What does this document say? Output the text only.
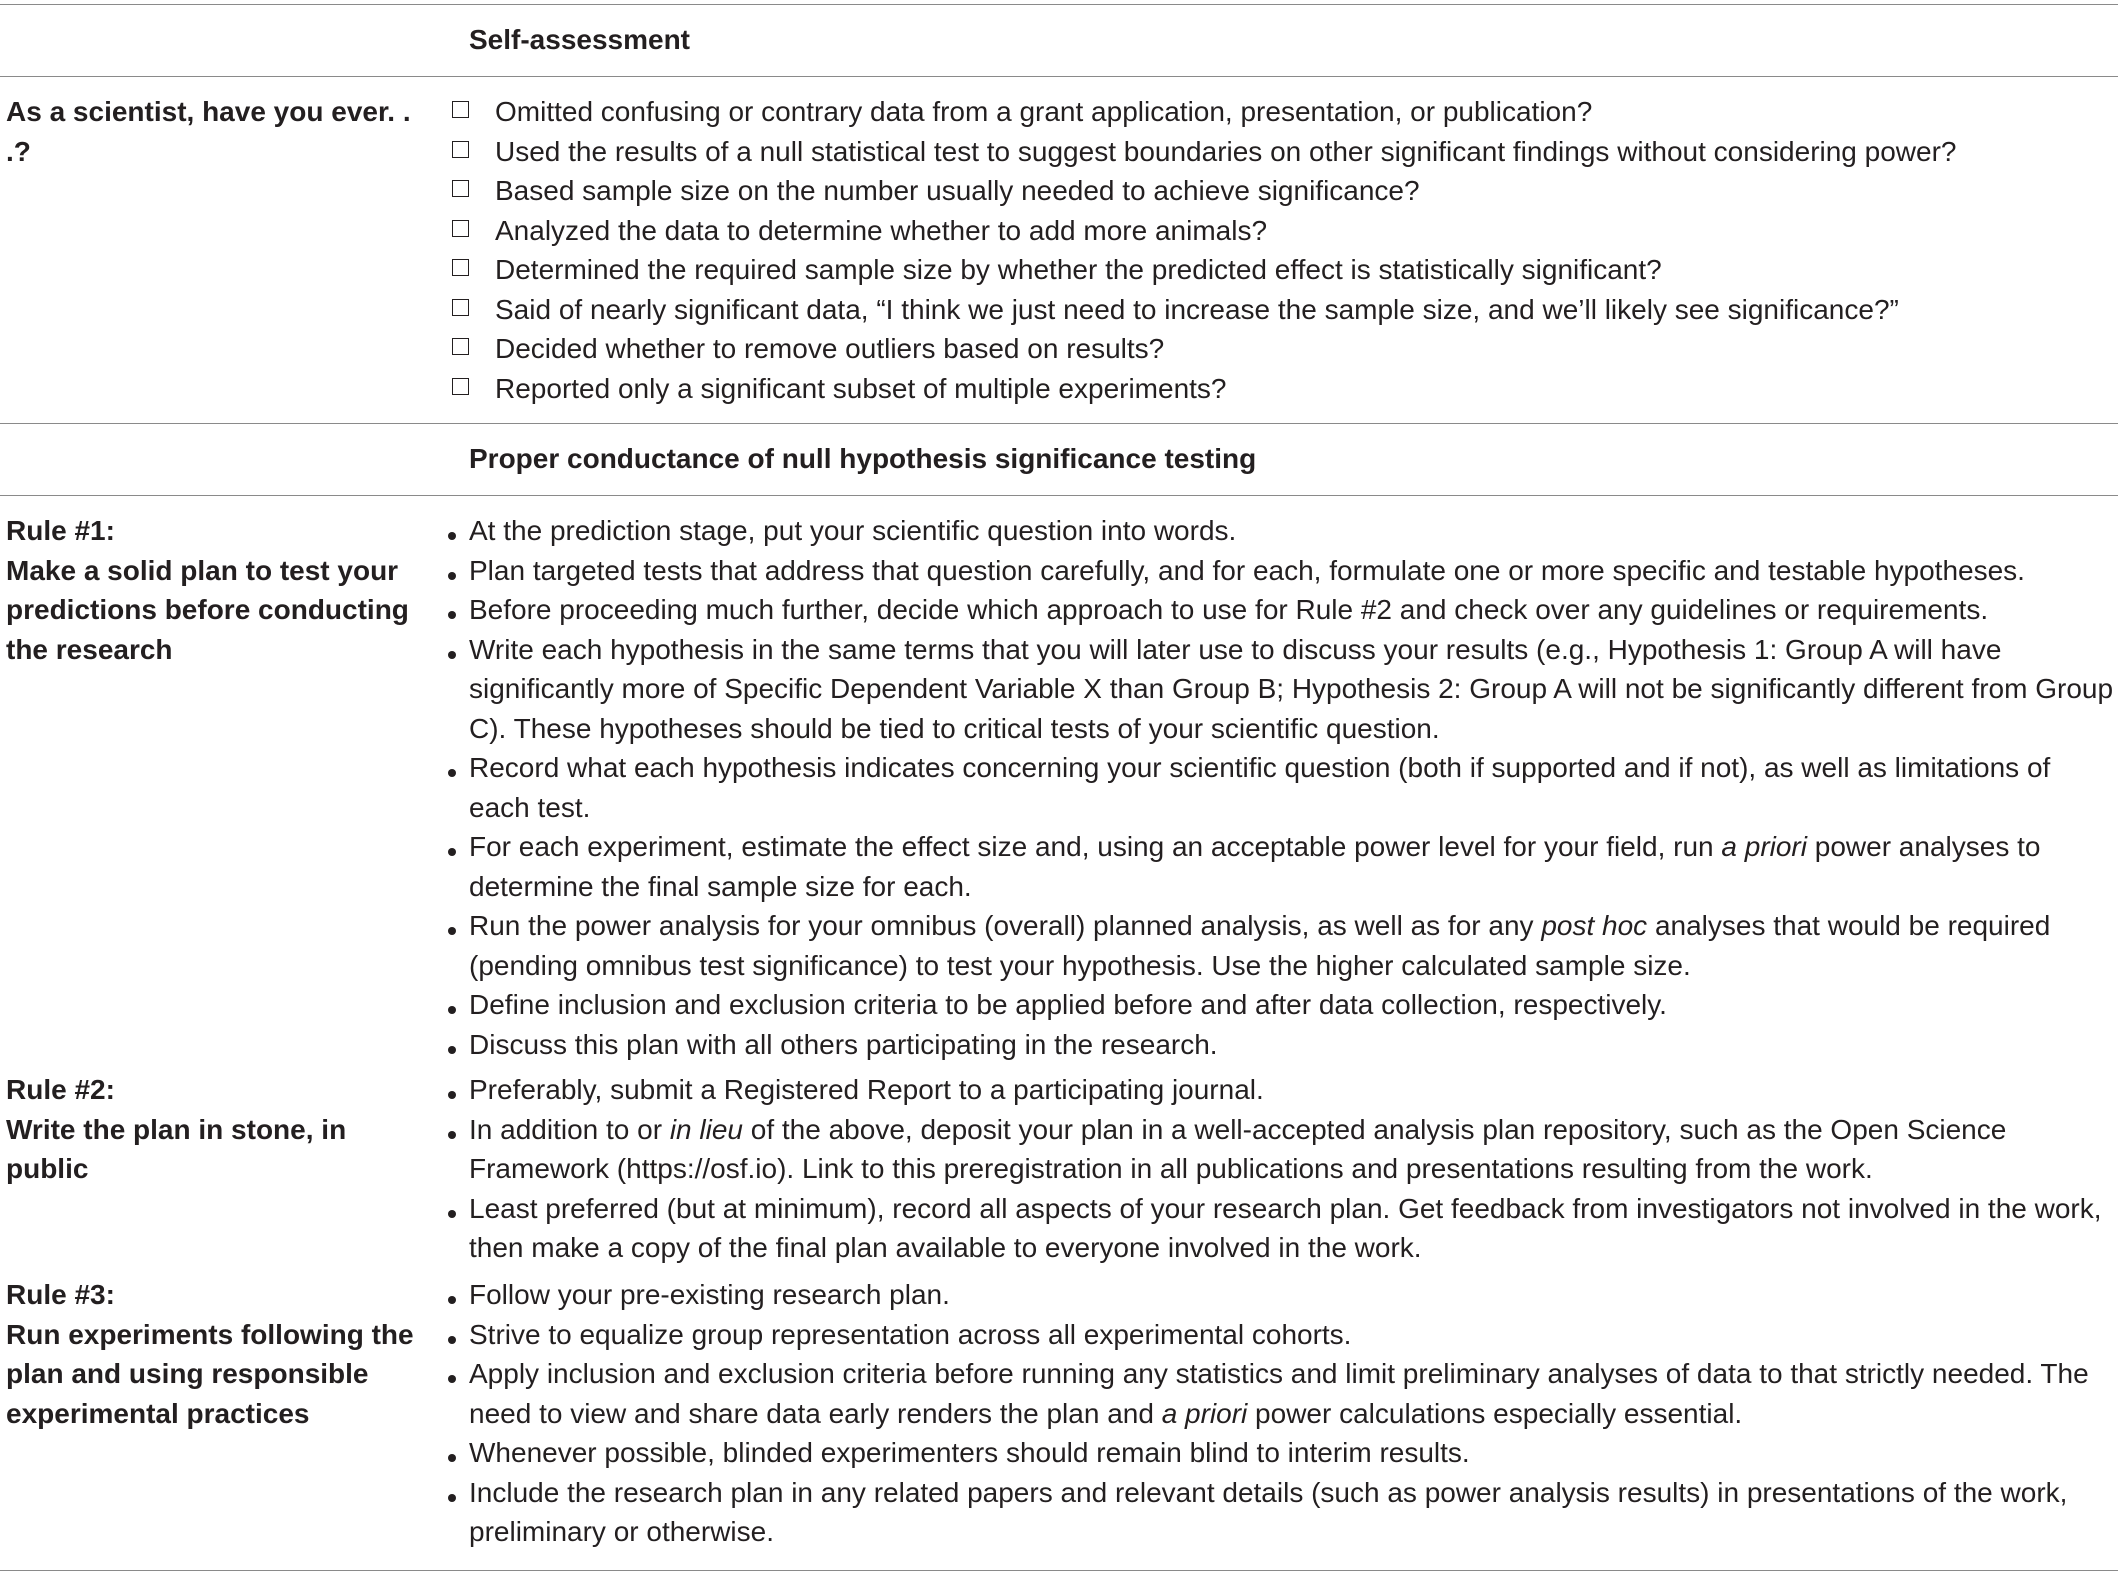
Self-assessment
As a scientist, have you ever. . .?
Omitted confusing or contrary data from a grant application, presentation, or publication?
Used the results of a null statistical test to suggest boundaries on other significant findings without considering power?
Based sample size on the number usually needed to achieve significance?
Analyzed the data to determine whether to add more animals?
Determined the required sample size by whether the predicted effect is statistically significant?
Said of nearly significant data, “I think we just need to increase the sample size, and we’ll likely see significance?”
Decided whether to remove outliers based on results?
Reported only a significant subset of multiple experiments?
Proper conductance of null hypothesis significance testing
Rule #1:
Make a solid plan to test your predictions before conducting the research
At the prediction stage, put your scientific question into words.
Plan targeted tests that address that question carefully, and for each, formulate one or more specific and testable hypotheses.
Before proceeding much further, decide which approach to use for Rule #2 and check over any guidelines or requirements.
Write each hypothesis in the same terms that you will later use to discuss your results (e.g., Hypothesis 1: Group A will have significantly more of Specific Dependent Variable X than Group B; Hypothesis 2: Group A will not be significantly different from Group C). These hypotheses should be tied to critical tests of your scientific question.
Record what each hypothesis indicates concerning your scientific question (both if supported and if not), as well as limitations of each test.
For each experiment, estimate the effect size and, using an acceptable power level for your field, run a priori power analyses to determine the final sample size for each.
Run the power analysis for your omnibus (overall) planned analysis, as well as for any post hoc analyses that would be required (pending omnibus test significance) to test your hypothesis. Use the higher calculated sample size.
Define inclusion and exclusion criteria to be applied before and after data collection, respectively.
Discuss this plan with all others participating in the research.
Rule #2:
Write the plan in stone, in public
Preferably, submit a Registered Report to a participating journal.
In addition to or in lieu of the above, deposit your plan in a well-accepted analysis plan repository, such as the Open Science Framework (https://osf.io). Link to this preregistration in all publications and presentations resulting from the work.
Least preferred (but at minimum), record all aspects of your research plan. Get feedback from investigators not involved in the work, then make a copy of the final plan available to everyone involved in the work.
Rule #3:
Run experiments following the plan and using responsible experimental practices
Follow your pre-existing research plan.
Strive to equalize group representation across all experimental cohorts.
Apply inclusion and exclusion criteria before running any statistics and limit preliminary analyses of data to that strictly needed. The need to view and share data early renders the plan and a priori power calculations especially essential.
Whenever possible, blinded experimenters should remain blind to interim results.
Include the research plan in any related papers and relevant details (such as power analysis results) in presentations of the work, preliminary or otherwise.
